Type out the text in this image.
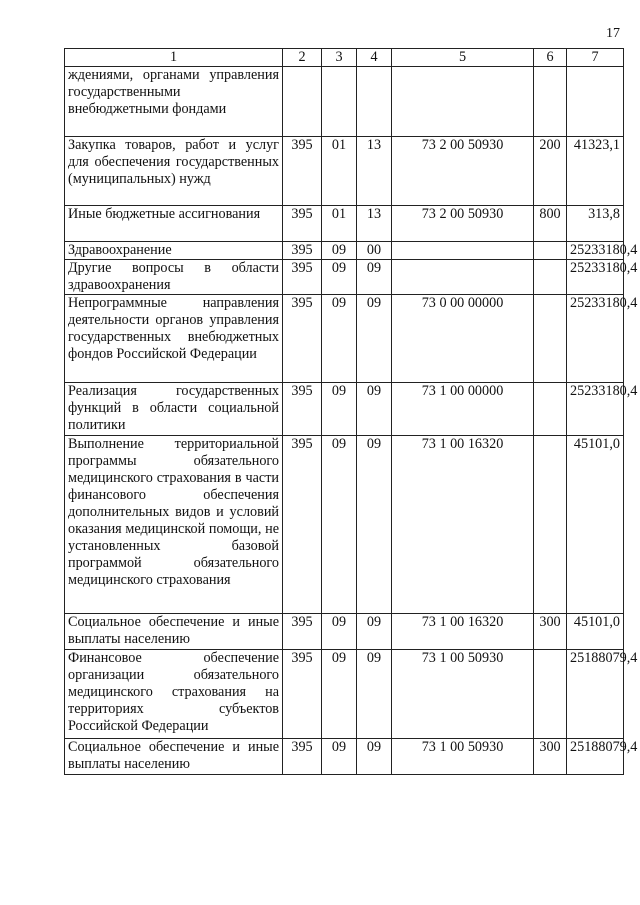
17
1	2	3	4	5	6	7
ждениями, органами управления государственными внебюджетными фондами						
Закупка товаров, работ и услуг для обеспечения государственных (муниципальных) нужд	395	01	13	73 2 00 50930	200	41323,1
Иные бюджетные ассигнования	395	01	13	73 2 00 50930	800	313,8
Здравоохранение	395	09	00			25233180,4
Другие вопросы в области здравоохранения	395	09	09			25233180,4
Непрограммные направления деятельности органов управления государственных внебюджетных фондов Российской Федерации	395	09	09	73 0 00 00000		25233180,4
Реализация государственных функций в области социальной политики	395	09	09	73 1 00 00000		25233180,4
Выполнение территориальной программы обязательного медицинского страхования в части финансового обеспечения дополнительных видов и условий оказания медицинской помощи, не установленных базовой программой обязательного медицинского страхования	395	09	09	73 1 00 16320		45101,0
Социальное обеспечение и иные выплаты населению	395	09	09	73 1 00 16320	300	45101,0
Финансовое обеспечение организации обязательного медицинского страхования на территориях субъектов Российской Федерации	395	09	09	73 1 00 50930		25188079,4
Социальное обеспечение и иные выплаты населению	395	09	09	73 1 00 50930	300	25188079,4
